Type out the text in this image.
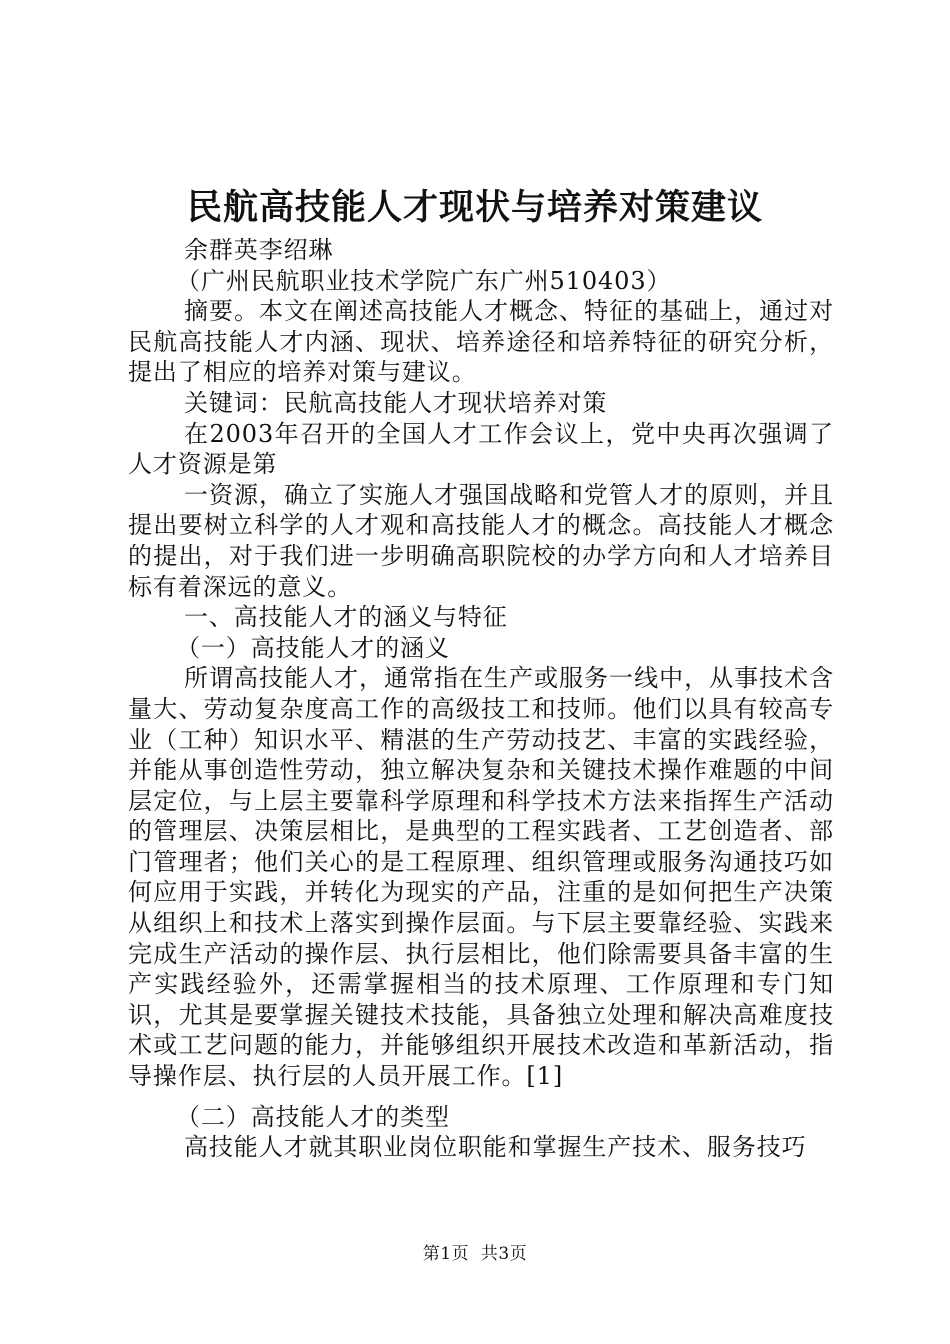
民航高技能人才现状与培养对策建议

余群英李绍琳

（广州民航职业技术学院广东广州510403）

摘要。本文在阐述高技能人才概念、特征的基础上，通过对民航高技能人才内涵、现状、培养途径和培养特征的研究分析，提出了相应的培养对策与建议。

关键词：民航高技能人才现状培养对策

在2003年召开的全国人才工作会议上，党中央再次强调了人才资源是第

一资源，确立了实施人才强国战略和党管人才的原则，并且提出要树立科学的人才观和高技能人才的概念。高技能人才概念的提出，对于我们进一步明确高职院校的办学方向和人才培养目标有着深远的意义。

一、高技能人才的涵义与特征

（一）高技能人才的涵义

所谓高技能人才，通常指在生产或服务一线中，从事技术含量大、劳动复杂度高工作的高级技工和技师。他们以具有较高专业（工种）知识水平、精湛的生产劳动技艺、丰富的实践经验，并能从事创造性劳动，独立解决复杂和关键技术操作难题的中间层定位，与上层主要靠科学原理和科学技术方法来指挥生产活动的管理层、决策层相比，是典型的工程实践者、工艺创造者、部门管理者；他们关心的是工程原理、组织管理或服务沟通技巧如何应用于实践，并转化为现实的产品，注重的是如何把生产决策从组织上和技术上落实到操作层面。与下层主要靠经验、实践来完成生产活动的操作层、执行层相比，他们除需要具备丰富的生产实践经验外，还需掌握相当的技术原理、工作原理和专门知识，尤其是要掌握关键技术技能，具备独立处理和解决高难度技术或工艺问题的能力，并能够组织开展技术改造和革新活动，指导操作层、执行层的人员开展工作。[1]

（二）高技能人才的类型

高技能人才就其职业岗位职能和掌握生产技术、服务技巧

第1页  共3页
